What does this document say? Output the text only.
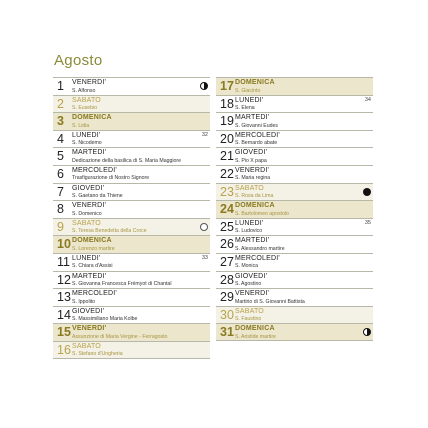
Agosto
1	VENERDI'
S. Alfonso
2	SABATO
S. Eusebio
3	DOMENICA
S. Lidia
4	LUNEDI'
S. Nicodemo
32
5	MARTEDI'
Dedicazione della basilica di S. Maria Maggiore
6	MERCOLEDI'
Trasfigurazione di Nostro Signore
7	GIOVEDI'
S. Gaetano da Thiene
8	VENERDI'
S. Domenico
9	SABATO
S. Teresa Benedetta della Croce
10 DOMENICA
S. Lorenzo martire
11 LUNEDI'
S. Chiara d'Assisi
33
12 MARTEDI'
S. Giovanna Francesca Frémyot di Chantal
13 MERCOLEDI'
S. Ippolito
14 GIOVEDI'
S. Massimiliano Maria Kolbe
15 VENERDI'
Assunzione di Maria Vergine - Ferragosto
16 SABATO
S. Stefano d'Ungheria
17 DOMENICA
S. Giacinto
18 LUNEDI'
S. Elena
34
19 MARTEDI'
S. Giovanni Eudes
20 MERCOLEDI'
S. Bernardo abate
21 GIOVEDI'
S. Pio X papa
22 VENERDI'
S. Maria regina
23 SABATO
S. Rosa da Lima
24 DOMENICA
S. Bartolomeo apostolo
25 LUNEDI'
S. Ludovico
35
26 MARTEDI'
S. Alessandro martire
27 MERCOLEDI'
S. Monica
28 GIOVEDI'
S. Agostino
29 VENERDI'
Martirio di S. Giovanni Battista
30 SABATO
S. Faustino
31 DOMENICA
S. Aristide martire
